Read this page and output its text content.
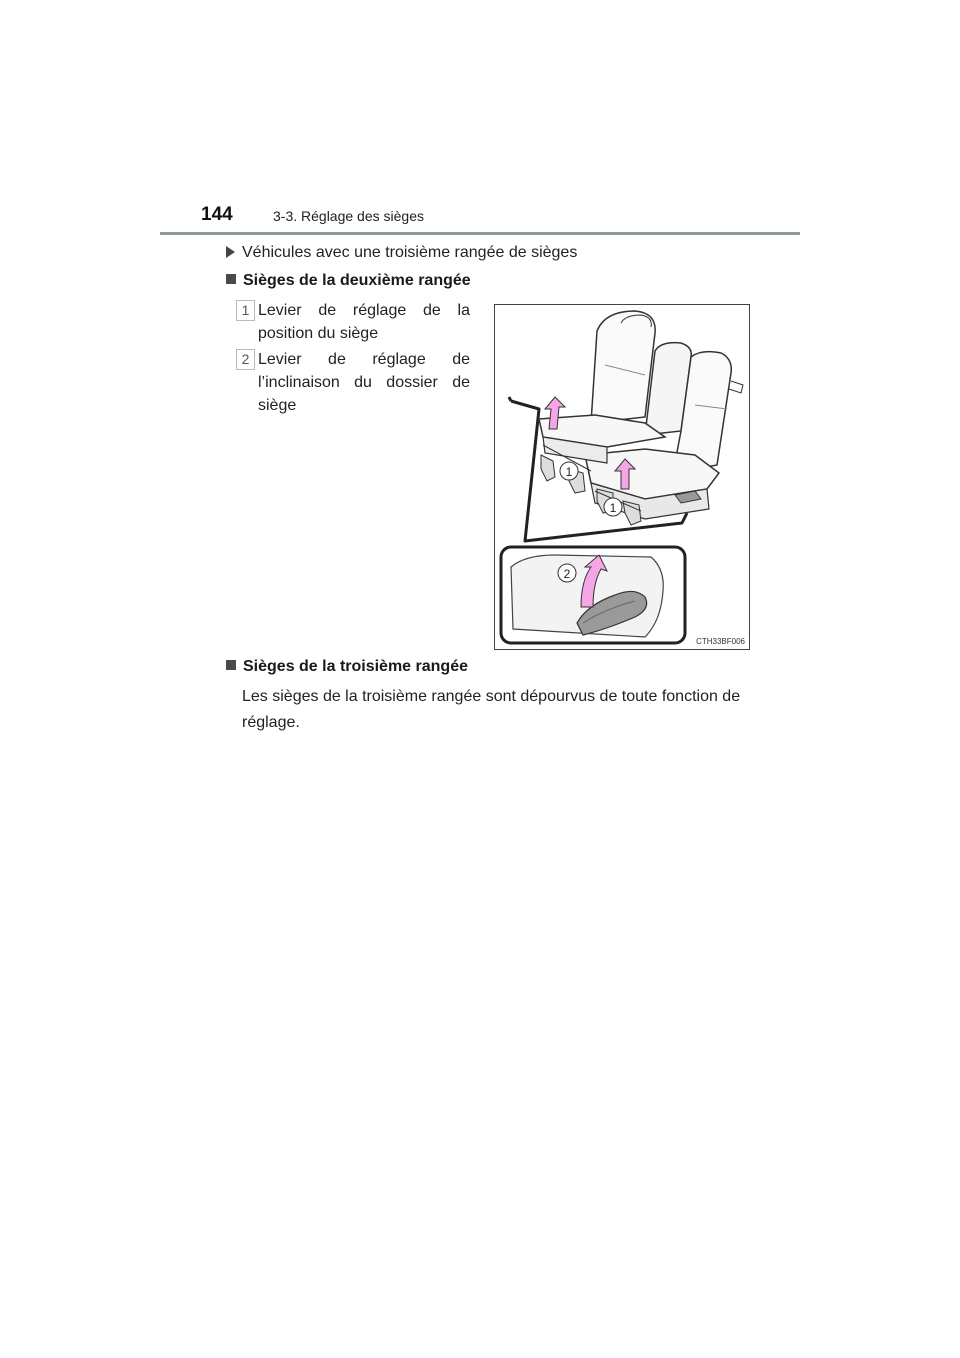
144	3-3. Réglage des sièges
Véhicules avec une troisième rangée de sièges
Sièges de la deuxième rangée
1 Levier de réglage de la position du siège
2 Levier de réglage de l’inclinaison du dossier de siège
1
1
2
CTH33BF006
Sièges de la troisième rangée
Les sièges de la troisième rangée sont dépourvus de toute fonction de réglage.
